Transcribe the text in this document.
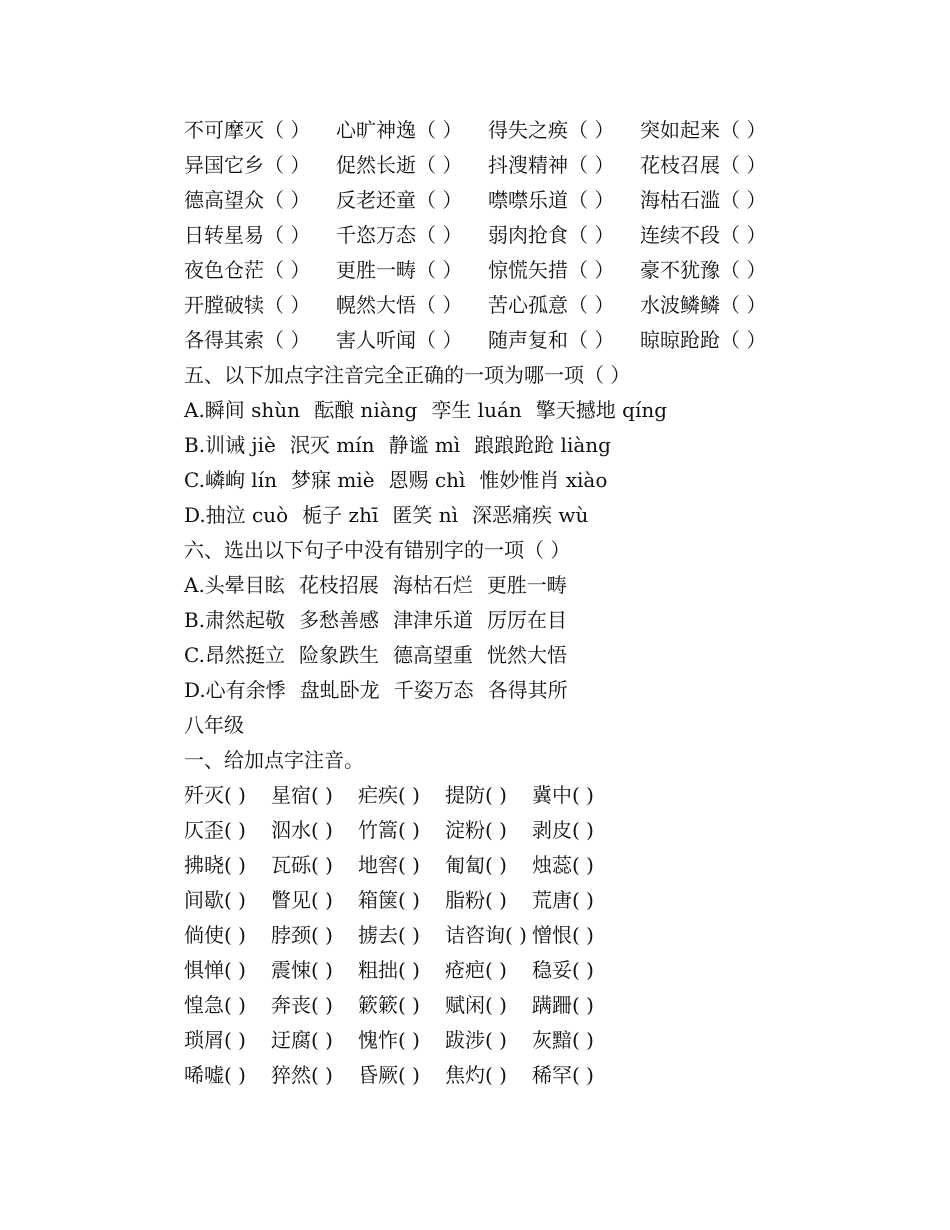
不可摩灭（ ）	心旷神逸（ ）	得失之痪（ ）	突如起来（ ）
异国它乡（ ）	促然长逝（ ）	抖溲精神（ ）	花枝召展（ ）
德高望众（ ）	反老还童（ ）	噤噤乐道（ ）	海枯石滥（ ）
日转星易（ ）	千恣万态（ ）	弱肉抢食（ ）	连续不段（ ）
夜色仓茫（ ）	更胜一畴（ ）	惊慌矢措（ ）	豪不犹豫（ ）
开膛破犊（ ）	幌然大悟（ ）	苦心孤意（ ）	水波鳞鳞（ ）
各得其索（ ）	害人听闻（ ）	随声复和（ ）	晾晾跄跄（ ）
五、以下加点字注音完全正确的一项为哪一项（ ）
A.瞬间 shùn 酝酿 niàng 孪生 luán 擎天撼地 qíng
B.训诫 jiè 泯灭 mín 静谧 mì 踉踉跄跄 liàng
C.嶙峋 lín 梦寐 miè 恩赐 chì 惟妙惟肖 xiào
D.抽泣 cuò 栀子 zhī 匿笑 nì 深恶痛疾 wù
六、选出以下句子中没有错别字的一项（ ）
A.头晕目眩 花枝招展 海枯石烂 更胜一畴
B.肃然起敬 多愁善感 津津乐道 厉厉在目
C.昂然挺立 险象跌生 德高望重 恍然大悟
D.心有余悸 盘虬卧龙 千姿万态 各得其所
八年级
一、给加点字注音。
歼灭( )	星宿( )	疟疾( )	提防( )	冀中( )
仄歪( )	泅水( )	竹篙( )	淀粉( )	剥皮( )
拂晓( )	瓦砾( )	地窖( )	匍匐( )	烛蕊( )
间歇( )	瞥见( )	箱箧( )	脂粉( )	荒唐( )
倘使( )	脖颈( )	掳去( )	诘咨询( ) 憎恨( )
惧惮( )	震悚( )	粗拙( )	疮疤( )	稳妥( )
惶急( )	奔丧( )	簌簌( )	赋闲( )	蹒跚( )
琐屑( )	迂腐( )	愧怍( )	跋涉( )	灰黯( )
唏嘘( )	猝然( )	昏厥( )	焦灼( )	稀罕( )
